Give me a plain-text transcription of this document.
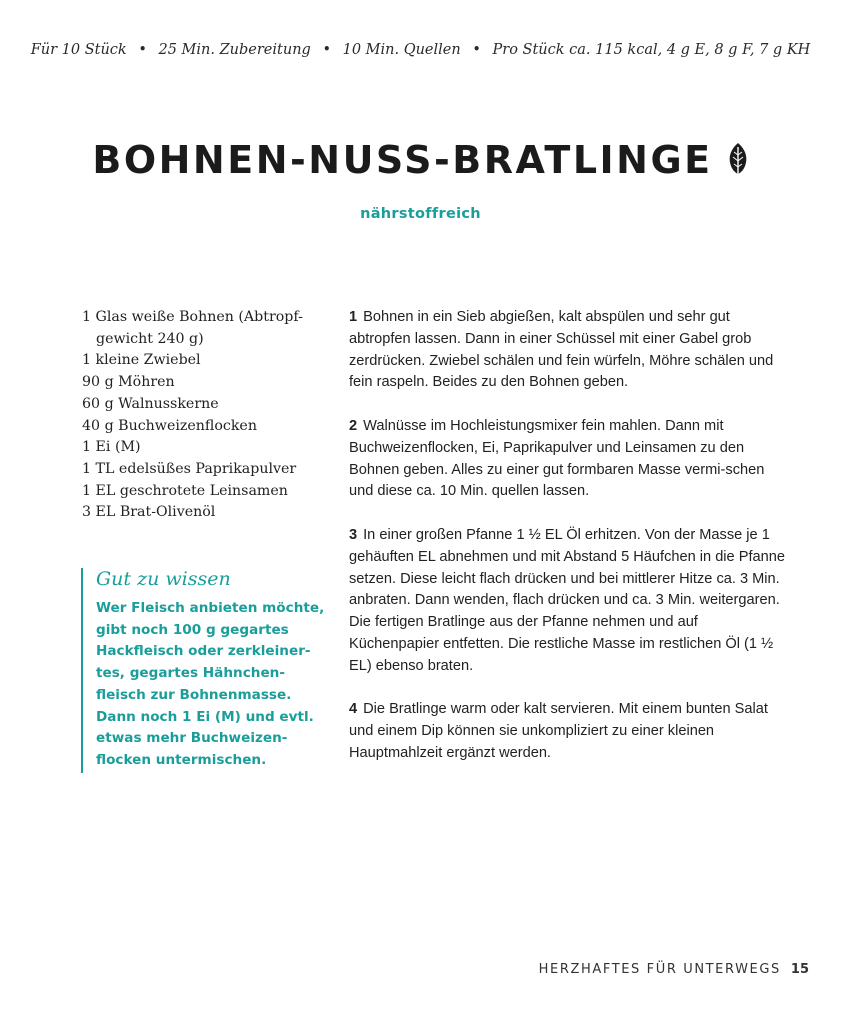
Für 10 Stück • 25 Min. Zubereitung • 10 Min. Quellen • Pro Stück ca. 115 kcal, 4 g E, 8 g F, 7 g KH
BOHNEN-NUSS-BRATLINGE
nährstoffreich
1 Glas weiße Bohnen (Abtropf-gewicht 240 g)
1 kleine Zwiebel
90 g Möhren
60 g Walnusskerne
40 g Buchweizenflocken
1 Ei (M)
1 TL edelsüßes Paprikapulver
1 EL geschrotete Leinsamen
3 EL Brat-Olivenöl
Gut zu wissen

Wer Fleisch anbieten möchte,
gibt noch 100 g gegartes
Hackfleisch oder zerkleiner-
tes, gegartes Hähnchen-
fleisch zur Bohnenmasse.
Dann noch 1 Ei (M) und evtl.
etwas mehr Buchweizen-
flocken untermischen.

1 Bohnen in ein Sieb abgießen, kalt abspülen und sehr gut abtropfen lassen. Dann in einer Schüssel mit einer Gabel grob zerdrücken. Zwiebel schälen und fein würfeln, Möhre schälen und fein raspeln. Beides zu den Bohnen geben.

2 Walnüsse im Hochleistungsmixer fein mahlen. Dann mit Buchweizenflocken, Ei, Paprikapulver und Leinsamen zu den Bohnen geben. Alles zu einer gut formbaren Masse vermi-schen und diese ca. 10 Min. quellen lassen.

3 In einer großen Pfanne 1 ½ EL Öl erhitzen. Von der Masse je 1 gehäuften EL abnehmen und mit Abstand 5 Häufchen in die Pfanne setzen. Diese leicht flach drücken und bei mittlerer Hitze ca. 3 Min. anbraten. Dann wenden, flach drücken und ca. 3 Min. weitergaren. Die fertigen Bratlinge aus der Pfanne nehmen und auf Küchenpapier entfetten. Die restliche Masse im restlichen Öl (1 ½ EL) ebenso braten.

4 Die Bratlinge warm oder kalt servieren. Mit einem bunten Salat und einem Dip können sie unkompliziert zu einer kleinen Hauptmahlzeit ergänzt werden.

HERZHAFTES FÜR UNTERWEGS 15
